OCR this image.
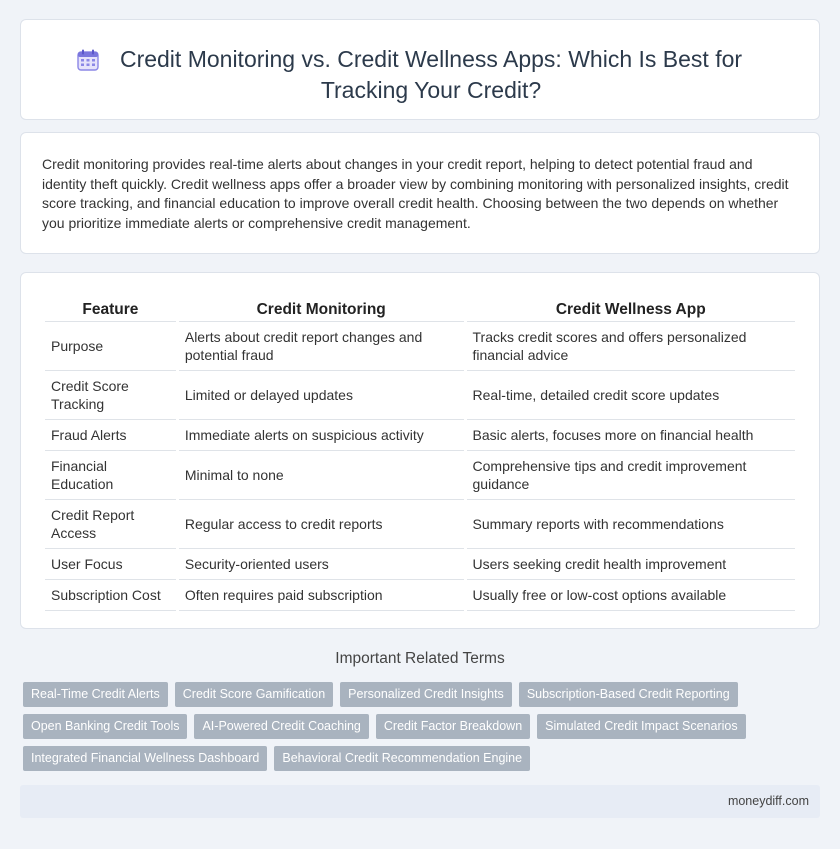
Credit Monitoring vs. Credit Wellness Apps: Which Is Best for Tracking Your Credit?

Credit monitoring provides real-time alerts about changes in your credit report, helping to detect potential fraud and identity theft quickly. Credit wellness apps offer a broader view by combining monitoring with personalized insights, credit score tracking, and financial education to improve overall credit health. Choosing between the two depends on whether you prioritize immediate alerts or comprehensive credit management.

Feature	Credit Monitoring	Credit Wellness App
Purpose	Alerts about credit report changes and potential fraud	Tracks credit scores and offers personalized financial advice
Credit Score Tracking	Limited or delayed updates	Real-time, detailed credit score updates
Fraud Alerts	Immediate alerts on suspicious activity	Basic alerts, focuses more on financial health
Financial Education	Minimal to none	Comprehensive tips and credit improvement guidance
Credit Report Access	Regular access to credit reports	Summary reports with recommendations
User Focus	Security-oriented users	Users seeking credit health improvement
Subscription Cost	Often requires paid subscription	Usually free or low-cost options available
Important Related Terms
Real-Time Credit Alerts	Credit Score Gamification	Personalized Credit Insights	Subscription-Based Credit Reporting
Open Banking Credit Tools	AI-Powered Credit Coaching	Credit Factor Breakdown	Simulated Credit Impact Scenarios
Integrated Financial Wellness Dashboard	Behavioral Credit Recommendation Engine
moneydiff.com
